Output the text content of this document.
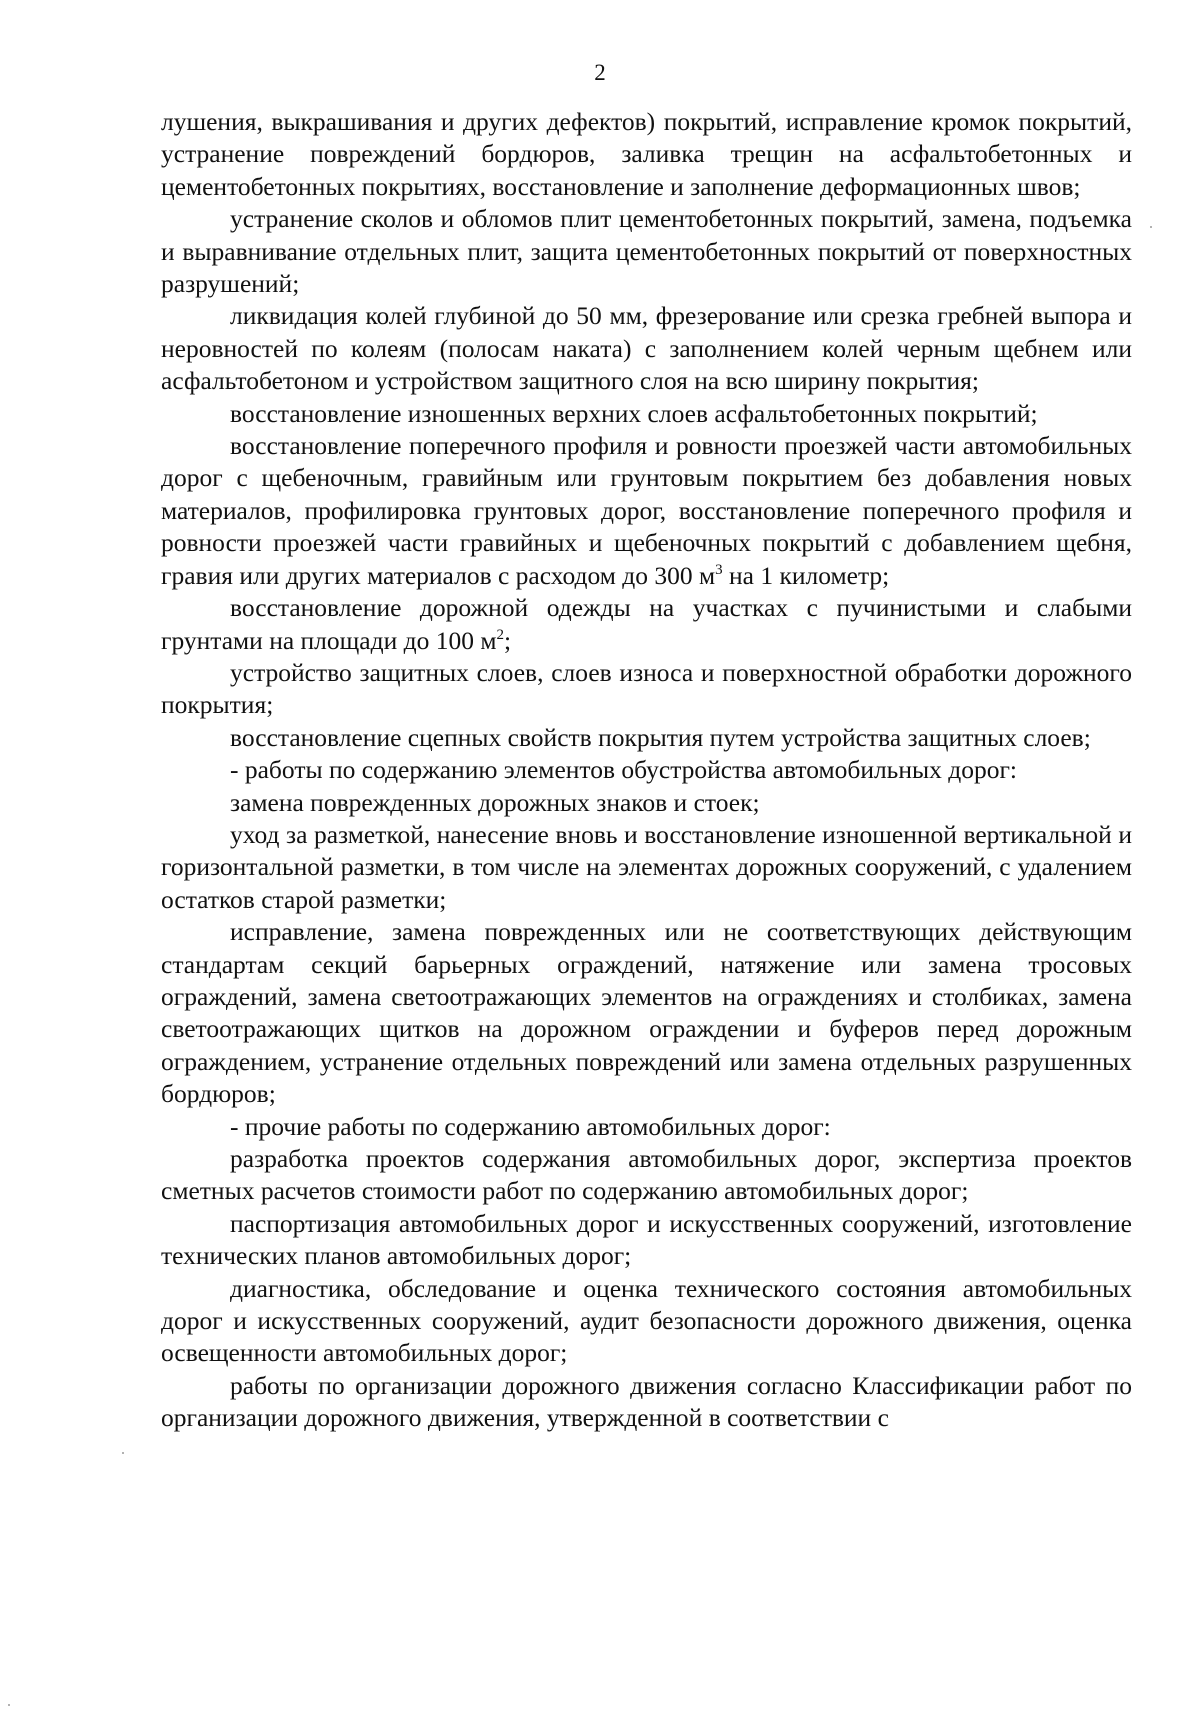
2

лушения, выкрашивания и других дефектов) покрытий, исправление кромок покрытий, устранение повреждений бордюров, заливка трещин на асфальтобетонных и цементобетонных покрытиях, восстановление и заполнение деформационных швов;

устранение сколов и обломов плит цементобетонных покрытий, замена, подъемка и выравнивание отдельных плит, защита цементобетонных покрытий от поверхностных разрушений;

ликвидация колей глубиной до 50 мм, фрезерование или срезка гребней выпора и неровностей по колеям (полосам наката) с заполнением колей черным щебнем или асфальтобетоном и устройством защитного слоя на всю ширину покрытия;

восстановление изношенных верхних слоев асфальтобетонных покрытий;

восстановление поперечного профиля и ровности проезжей части автомобильных дорог с щебеночным, гравийным или грунтовым покрытием без добавления новых материалов, профилировка грунтовых дорог, восстановление поперечного профиля и ровности проезжей части гравийных и щебеночных покрытий с добавлением щебня, гравия или других материалов с расходом до 300 $м^3$ на 1 километр;

восстановление дорожной одежды на участках с пучинистыми и слабыми грунтами на площади до 100 $м^2$;

устройство защитных слоев, слоев износа и поверхностной обработки дорожного покрытия;

восстановление сцепных свойств покрытия путем устройства защитных слоев;

- работы по содержанию элементов обустройства автомобильных дорог:

замена поврежденных дорожных знаков и стоек;

уход за разметкой, нанесение вновь и восстановление изношенной вертикальной и горизонтальной разметки, в том числе на элементах дорожных сооружений, с удалением остатков старой разметки;

исправление, замена поврежденных или не соответствующих действующим стандартам секций барьерных ограждений, натяжение или замена тросовых ограждений, замена светоотражающих элементов на ограждениях и столбиках, замена светоотражающих щитков на дорожном ограждении и буферов перед дорожным ограждением, устранение отдельных повреждений или замена отдельных разрушенных бордюров;

- прочие работы по содержанию автомобильных дорог:

разработка проектов содержания автомобильных дорог, экспертиза проектов сметных расчетов стоимости работ по содержанию автомобильных дорог;

паспортизация автомобильных дорог и искусственных сооружений, изготовление технических планов автомобильных дорог;

диагностика, обследование и оценка технического состояния автомобильных дорог и искусственных сооружений, аудит безопасности дорожного движения, оценка освещенности автомобильных дорог;

работы по организации дорожного движения согласно Классификации работ по организации дорожного движения, утвержденной в соответствии с
